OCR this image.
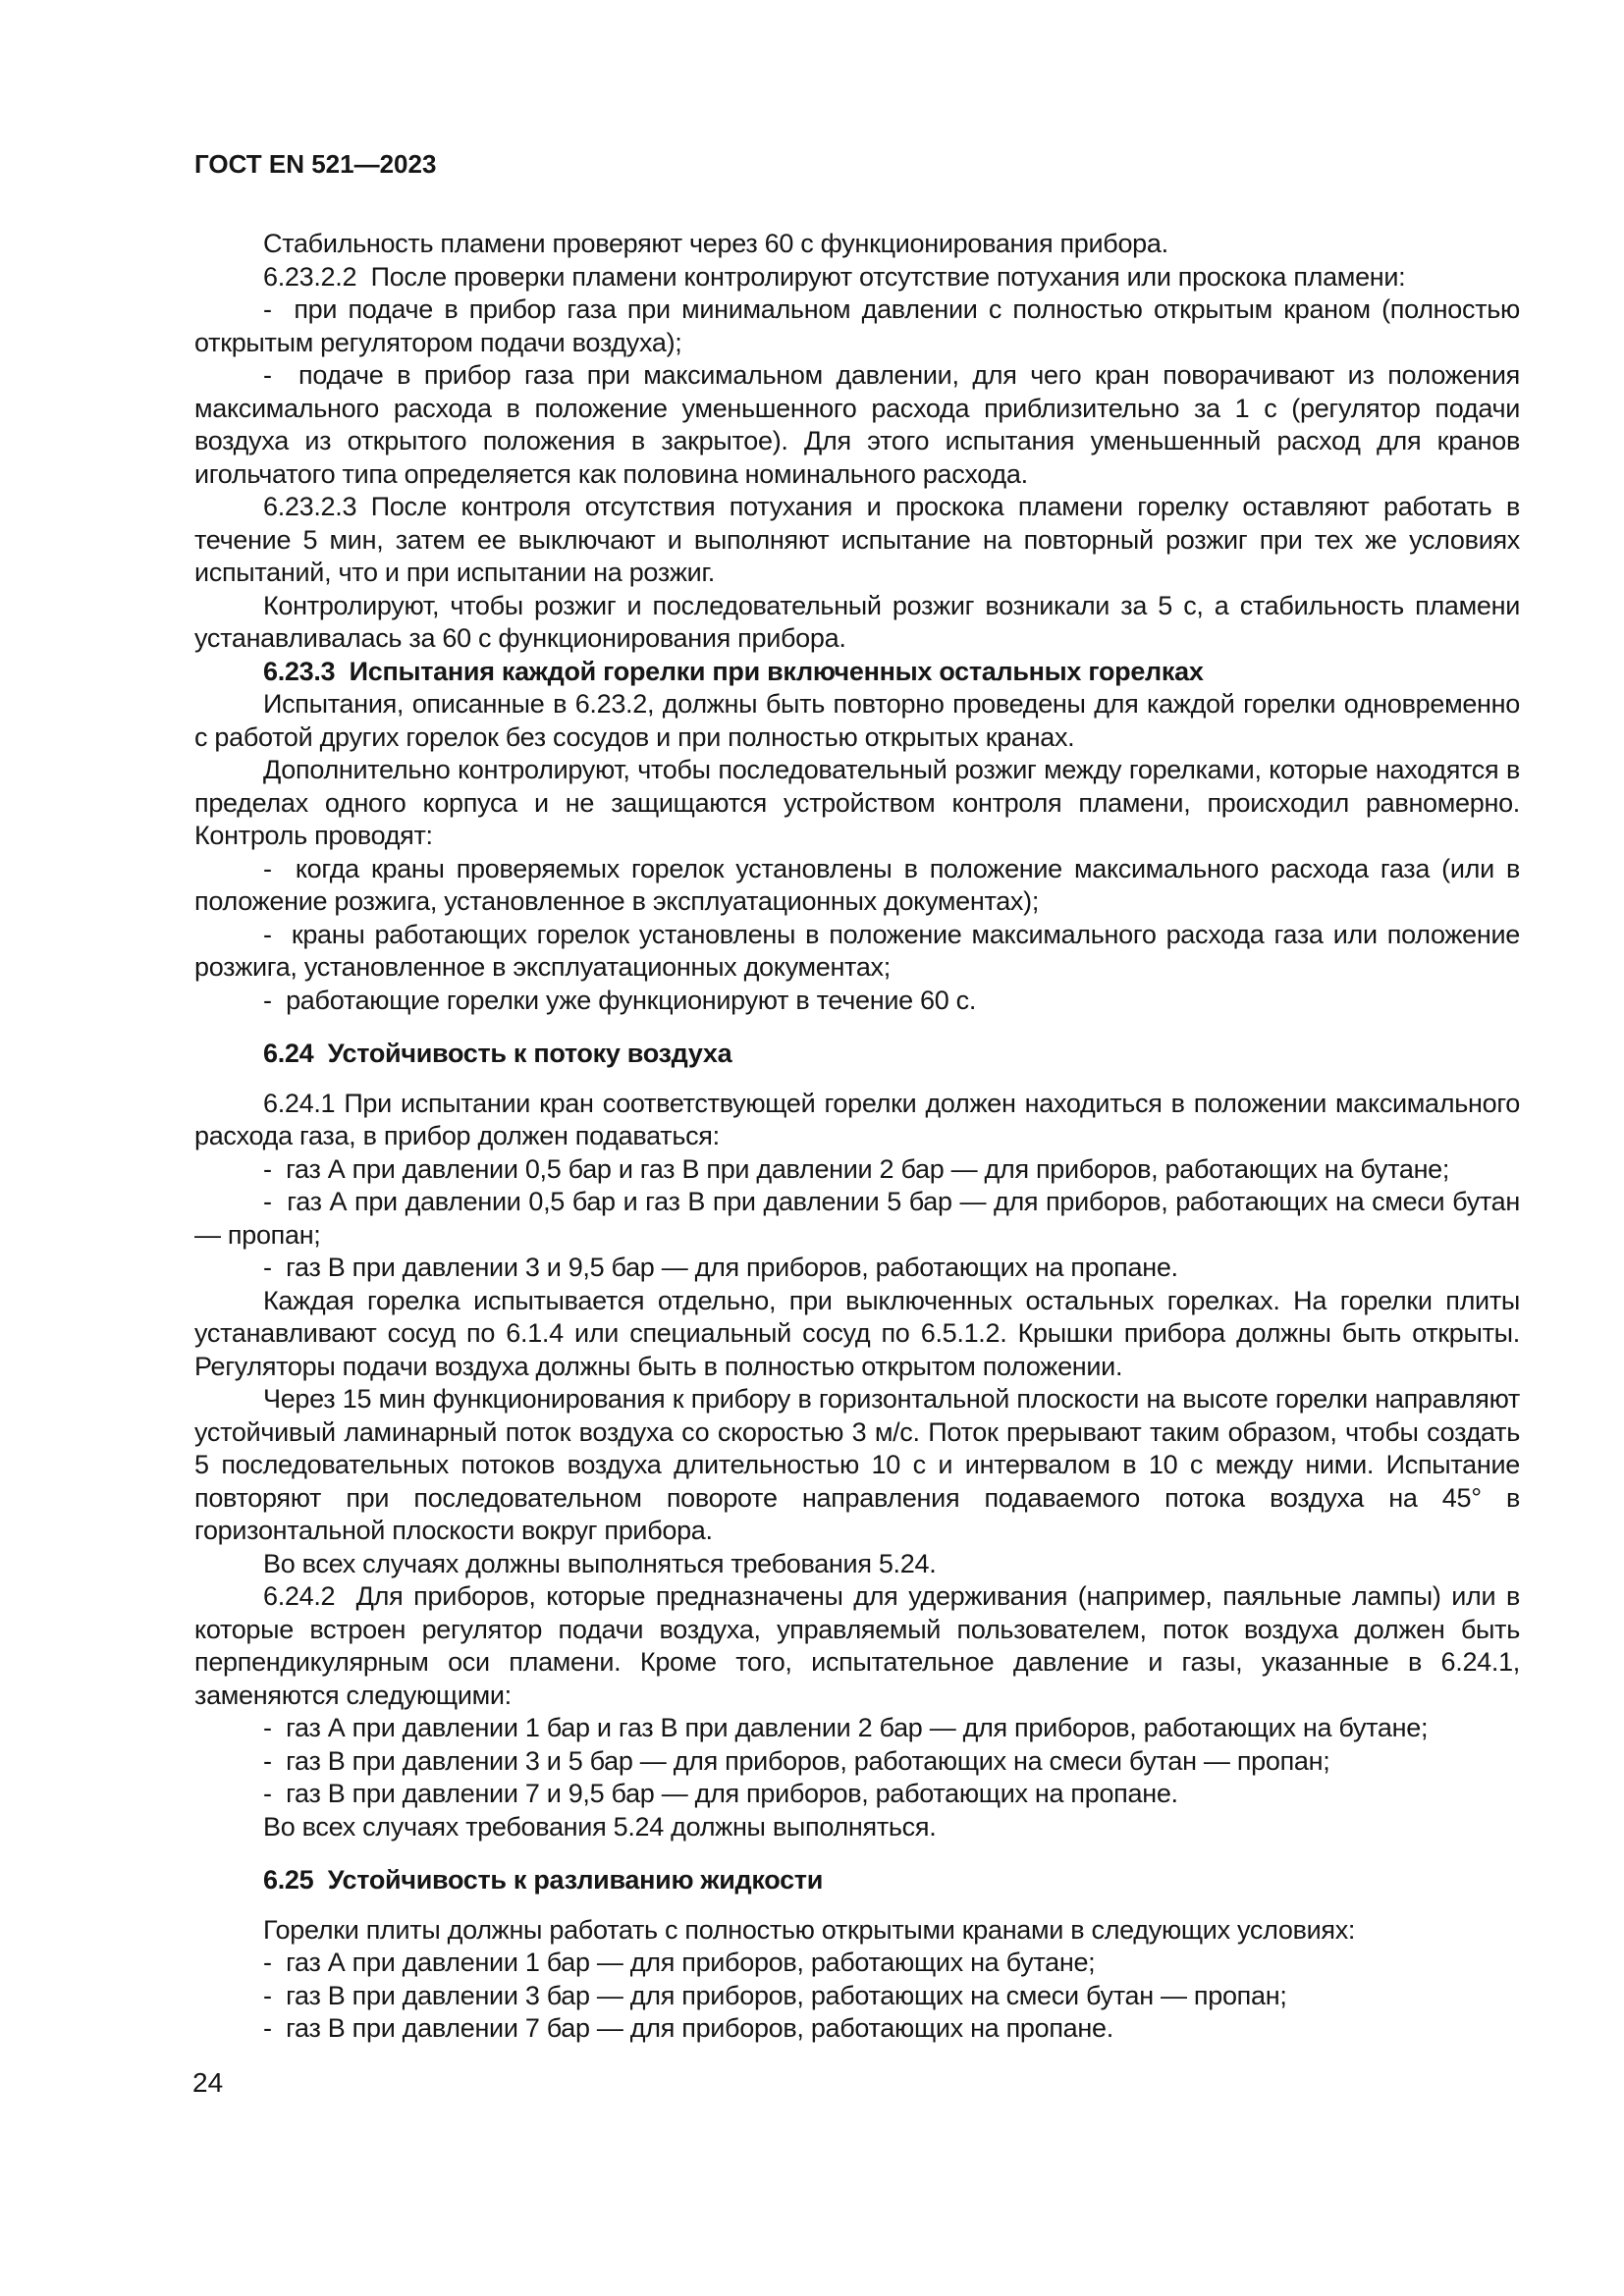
ГОСТ EN 521—2023

Стабильность пламени проверяют через 60 с функционирования прибора.

6.23.2.2  После проверки пламени контролируют отсутствие потухания или проскока пламени:

-  при подаче в прибор газа при минимальном давлении с полностью открытым краном (полностью открытым регулятором подачи воздуха);

-  подаче в прибор газа при максимальном давлении, для чего кран поворачивают из положения максимального расхода в положение уменьшенного расхода приблизительно за 1 с (регулятор подачи воздуха из открытого положения в закрытое). Для этого испытания уменьшенный расход для кранов игольчатого типа определяется как половина номинального расхода.

6.23.2.3 После контроля отсутствия потухания и проскока пламени горелку оставляют работать в течение 5 мин, затем ее выключают и выполняют испытание на повторный розжиг при тех же условиях испытаний, что и при испытании на розжиг.

Контролируют, чтобы розжиг и последовательный розжиг возникали за 5 с, а стабильность пламени устанавливалась за 60 с функционирования прибора.

6.23.3  Испытания каждой горелки при включенных остальных горелках

Испытания, описанные в 6.23.2, должны быть повторно проведены для каждой горелки одновременно с работой других горелок без сосудов и при полностью открытых кранах.

Дополнительно контролируют, чтобы последовательный розжиг между горелками, которые находятся в пределах одного корпуса и не защищаются устройством контроля пламени, происходил равномерно. Контроль проводят:

-  когда краны проверяемых горелок установлены в положение максимального расхода газа (или в положение розжига, установленное в эксплуатационных документах);

-  краны работающих горелок установлены в положение максимального расхода газа или положение розжига, установленное в эксплуатационных документах;

-  работающие горелки уже функционируют в течение 60 с.

6.24  Устойчивость к потоку воздуха

6.24.1 При испытании кран соответствующей горелки должен находиться в положении максимального расхода газа, в прибор должен подаваться:

-  газ А при давлении 0,5 бар и газ В при давлении 2 бар — для приборов, работающих на бутане;

-  газ А при давлении 0,5 бар и газ В при давлении 5 бар — для приборов, работающих на смеси бутан — пропан;

-  газ В при давлении 3 и 9,5 бар — для приборов, работающих на пропане.

Каждая горелка испытывается отдельно, при выключенных остальных горелках. На горелки плиты устанавливают сосуд по 6.1.4 или специальный сосуд по 6.5.1.2. Крышки прибора должны быть открыты. Регуляторы подачи воздуха должны быть в полностью открытом положении.

Через 15 мин функционирования к прибору в горизонтальной плоскости на высоте горелки направляют устойчивый ламинарный поток воздуха со скоростью 3 м/с. Поток прерывают таким образом, чтобы создать 5 последовательных потоков воздуха длительностью 10 с и интервалом в 10 с между ними. Испытание повторяют при последовательном повороте направления подаваемого потока воздуха на 45° в горизонтальной плоскости вокруг прибора.

Во всех случаях должны выполняться требования 5.24.

6.24.2  Для приборов, которые предназначены для удерживания (например, паяльные лампы) или в которые встроен регулятор подачи воздуха, управляемый пользователем, поток воздуха должен быть перпендикулярным оси пламени. Кроме того, испытательное давление и газы, указанные в 6.24.1, заменяются следующими:

-  газ А при давлении 1 бар и газ В при давлении 2 бар — для приборов, работающих на бутане;

-  газ В при давлении 3 и 5 бар — для приборов, работающих на смеси бутан — пропан;

-  газ В при давлении 7 и 9,5 бар — для приборов, работающих на пропане.

Во всех случаях требования 5.24 должны выполняться.

6.25  Устойчивость к разливанию жидкости

Горелки плиты должны работать с полностью открытыми кранами в следующих условиях:

-  газ А при давлении 1 бар — для приборов, работающих на бутане;

-  газ В при давлении 3 бар — для приборов, работающих на смеси бутан — пропан;

-  газ В при давлении 7 бар — для приборов, работающих на пропане.

24
